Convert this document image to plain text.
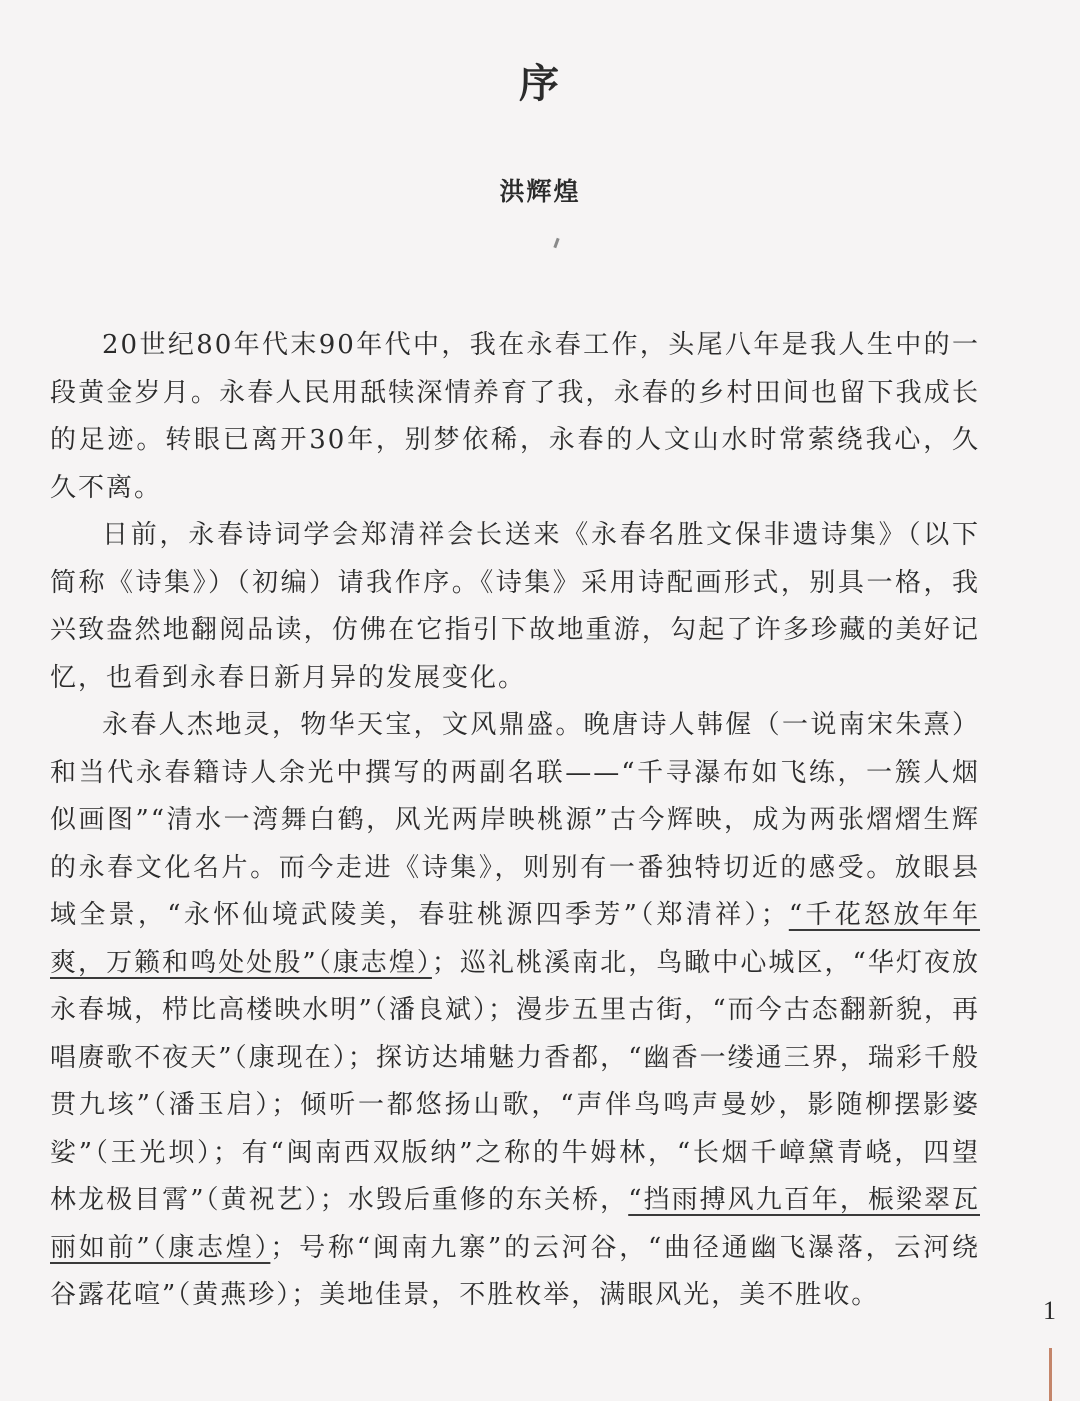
序
洪辉煌

20世纪80年代末90年代中，我在永春工作，头尾八年是我人生中的一段黄金岁月。永春人民用舐犊深情养育了我，永春的乡村田间也留下我成长的足迹。转眼已离开30年，别梦依稀，永春的人文山水时常萦绕我心，久久不离。

日前，永春诗词学会郑清祥会长送来《永春名胜文保非遗诗集》（以下简称《诗集》）（初编）请我作序。《诗集》采用诗配画形式，别具一格，我兴致盎然地翻阅品读，仿佛在它指引下故地重游，勾起了许多珍藏的美好记忆，也看到永春日新月异的发展变化。

永春人杰地灵，物华天宝，文风鼎盛。晚唐诗人韩偓（一说南宋朱熹）和当代永春籍诗人余光中撰写的两副名联——“千寻瀑布如飞练，一簇人烟似画图”“清水一湾舞白鹤，风光两岸映桃源”古今辉映，成为两张熠熠生辉的永春文化名片。而今走进《诗集》，则别有一番独特切近的感受。放眼县域全景，“永怀仙境武陵美，春驻桃源四季芳”（郑清祥）；“千花怒放年年爽，万籁和鸣处处殷”（康志煌）；巡礼桃溪南北，鸟瞰中心城区，“华灯夜放永春城，栉比高楼映水明”（潘良斌）；漫步五里古街，“而今古态翻新貌，再唱赓歌不夜天”（康现在）；探访达埔魅力香都，“幽香一缕通三界，瑞彩千般贯九垓”（潘玉启）；倾听一都悠扬山歌，“声伴鸟鸣声曼妙，影随柳摆影婆娑”（王光坝）；有“闽南西双版纳”之称的牛姆林，“长烟千嶂黛青峣，四望林龙极目霄”（黄祝艺）；水毁后重修的东关桥，“挡雨搏风九百年，桭梁翠瓦丽如前”（康志煌）；号称“闽南九寨”的云河谷，“曲径通幽飞瀑落，云河绕谷露花喧”（黄燕珍）；美地佳景，不胜枚举，满眼风光，美不胜收。

1
